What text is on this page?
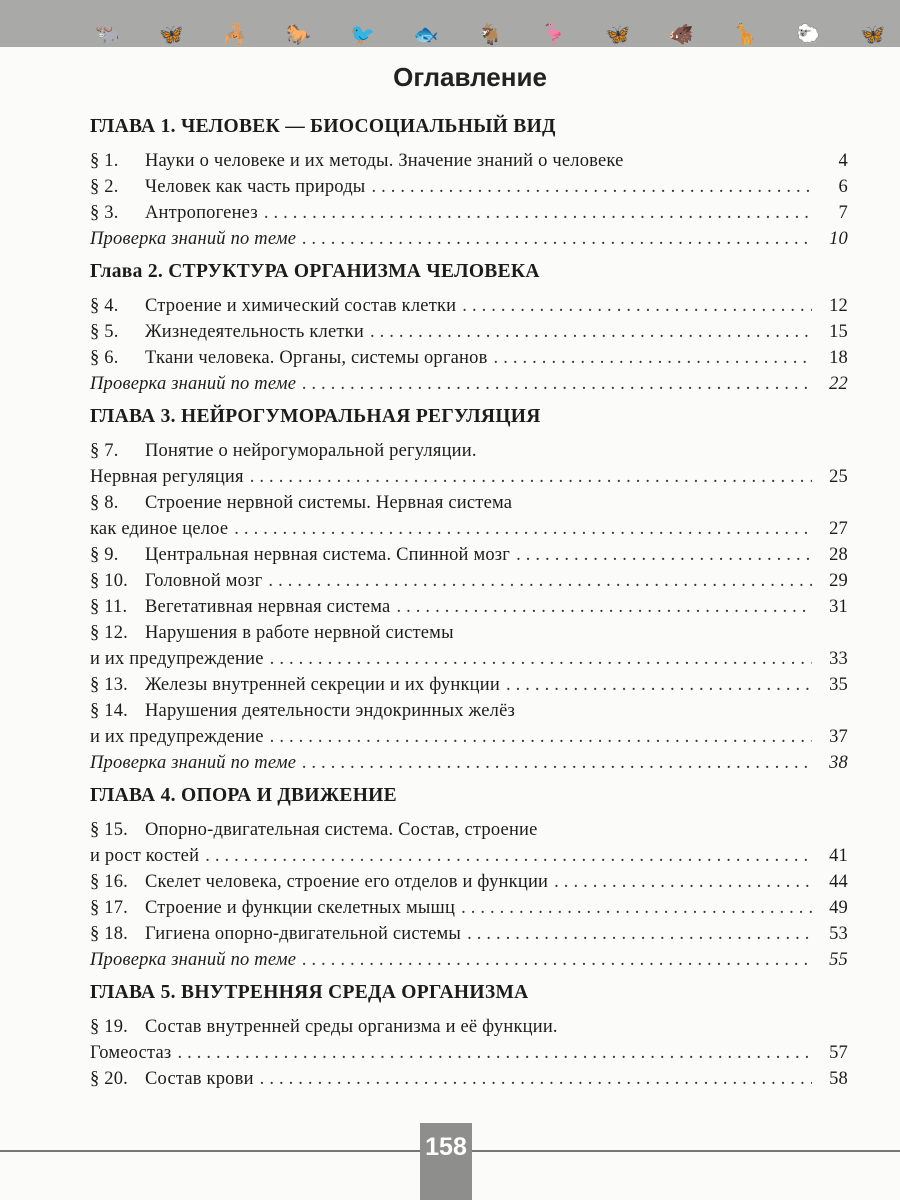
🐃 🦋 🦂 🐎 🐦 🐟 🐐 🦩 🦋 🐗 🦒 🐑 🦋
Оглавление
ГЛАВА 1. ЧЕЛОВЕК — БИОСОЦИАЛЬНЫЙ ВИД
§ 1.	Науки о человеке и их методы. Значение знаний о человеке	4
§ 2.	Человек как часть природы . . .	6
§ 3.	Антропогенез . . .	7
Проверка знаний по теме . . .	10
Глава 2. СТРУКТУРА ОРГАНИЗМА ЧЕЛОВЕКА
§ 4.	Строение и химический состав клетки . . .	12
§ 5.	Жизнедеятельность клетки . . .	15
§ 6.	Ткани человека. Органы, системы органов . . .	18
Проверка знаний по теме . . .	22
ГЛАВА 3. НЕЙРОГУМОРАЛЬНАЯ РЕГУЛЯЦИЯ
§ 7.	Понятие о нейрогуморальной регуляции.
Нервная регуляция . . .	25
§ 8.	Строение нервной системы. Нервная система
как единое целое . . .	27
§ 9.	Центральная нервная система. Спинной мозг . . .	28
§ 10. Головной мозг . . .	29
§ 11. Вегетативная нервная система . . .	31
§ 12. Нарушения в работе нервной системы
и их предупреждение . . .	33
§ 13. Железы внутренней секреции и их функции . . .	35
§ 14. Нарушения деятельности эндокринных желёз
и их предупреждение . . .	37
Проверка знаний по теме . . .	38
ГЛАВА 4. ОПОРА И ДВИЖЕНИЕ
§ 15. Опорно-двигательная система. Состав, строение
и рост костей . . .	41
§ 16. Скелет человека, строение его отделов и функции . . .	44
§ 17. Строение и функции скелетных мышц . . .	49
§ 18. Гигиена опорно-двигательной системы . . .	53
Проверка знаний по теме . . .	55
ГЛАВА 5. ВНУТРЕННЯЯ СРЕДА ОРГАНИЗМА
§ 19. Состав внутренней среды организма и её функции.
Гомеостаз . . .	57
§ 20. Состав крови . . .	58
158
